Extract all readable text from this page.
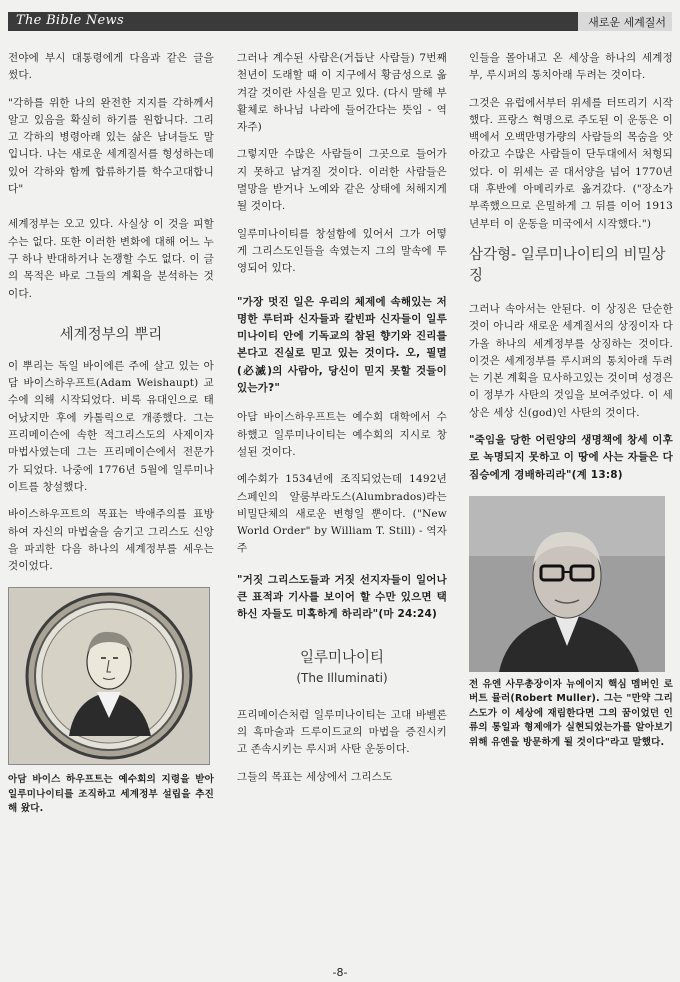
The Bible News	새로운 세계질서

전야에 부시 대통령에게 다음과 같은 글을 썼다.

"각하를 위한 나의 완전한 지지를 각하께서 알고 있음을 확실히 하기를 원합니다. 그리고 각하의 병령아래 있는 삶은 남녀들도 말입니다. 나는 새로운 세계질서를 형성하는데 있어 각하와 함께 합류하기를 학수고대합니다"

세계정부는 오고 있다. 사실상 이 것을 피할 수는 없다. 또한 이러한 변화에 대해 어느 누구 하나 반대하거나 논쟁할 수도 없다. 이 글의 목적은 바로 그들의 계획을 분석하는 것이다.

세계정부의 뿌리

이 뿌리는 독일 바이에른 주에 살고 있는 아담 바이스하우프트(Adam Weishaupt) 교수에 의해 시작되었다. 비록 유대인으로 태어났지만 후에 카톨릭으로 개종했다. 그는 프리메이슨에 속한 적그리스도의 사제이자 마법사였는데 그는 프리메이슨에서 전문가가 되었다. 나중에 1776년 5월에 일루미나이트를 창설했다.

바이스하우프트의 목표는 박애주의를 표방하여 자신의 마법술을 숨기고 그리스도 신앙을 파괴한 다음 하나의 세계정부를 세우는 것이었다.

아담 바이스 하우프트는 예수회의 지령을 받아 일루미나이티를 조직하고 세계정부 설립을 추진해 왔다.

그러나 계수된 사람은(거듭난 사람들) 7번째 천년이 도래할 때 이 지구에서 황금성으로 옮겨갈 것이란 사실을 믿고 있다. (다시 말해 부활체로 하나님 나라에 들어간다는 뜻임 - 역자주)

그렇지만 수많은 사람들이 그곳으로 들어가지 못하고 남겨질 것이다. 이러한 사람들은 멸망을 받거나 노예와 같은 상태에 처해지게 될 것이다.

일루미나이티를 창설함에 있어서 그가 어떻게 그리스도인들을 속였는지 그의 말속에 투영되어 있다.

"가장 멋진 일은 우리의 체제에 속해있는 저명한 루터파 신자들과 칼빈파 신자들이 일루미나이티 안에 기독교의 참된 향기와 진리를 본다고 진실로 믿고 있는 것이다. 오, 필멸(必滅)의 사람아, 당신이 믿지 못할 것들이 있는가?"

아담 바이스하우프트는 예수회 대학에서 수하했고 일루미나이티는 예수회의 지시로 창설된 것이다.

예수회가 1534년에 조직되었는데 1492년 스페인의 알룸부라도스(Alumbrados)라는 비밀단체의 새로운 변형일 뿐이다. ("New World Order" by William T. Still) - 역자주

"거짓 그리스도들과 거짓 선지자들이 일어나 큰 표적과 기사를 보이어 할 수만 있으면 택하신 자들도 미혹하게 하리라"(마 24:24)

일루미나이티
(The Illuminati)

프리메이슨처럼 일루미나이티는 고대 바벨론의 흑마술과 드루이드교의 마법을 증진시키고 존속시키는 루시퍼 사탄 운동이다.

그들의 목표는 세상에서 그리스도

인들을 몰아내고 온 세상을 하나의 세계정부, 루시퍼의 통치아래 두려는 것이다.

그것은 유럽에서부터 위세를 터뜨리기 시작했다. 프랑스 혁명으로 주도된 이 운동은 이백에서 오백만명가량의 사람들의 목숨을 앗아갔고 수많은 사람들이 단두대에서 처형되었다. 이 위세는 곧 대서양을 넘어 1770년대 후반에 아메리카로 옮겨갔다. ("장소가 부족했으므로 은밀하게 그 뒤를 이어 1913년부터 이 운동을 미국에서 시작했다.")

삼각형- 일루미나이티의 비밀상징

그러나 속아서는 안된다. 이 상징은 단순한 것이 아니라 새로운 세계질서의 상징이자 다가올 하나의 세계정부를 상징하는 것이다. 이것은 세계정부를 루시퍼의 통치아래 두려는 기본 계획을 묘사하고있는 것이며 성경은 이 정부가 사탄의 것임을 보여주었다. 이 세상은 세상 신(god)인 사탄의 것이다.

"죽임을 당한 어린양의 생명책에 창세 이후로 녹명되지 못하고 이 땅에 사는 자들은 다 짐승에게 경배하리라"(계 13:8)

전 유엔 사무총장이자 뉴에이지 핵심 멤버인 로버트 뮬러(Robert Muller). 그는 "만약 그리스도가 이 세상에 재림한다면 그의 꿈이었던 인류의 통일과 형제애가 실현되었는가를 알아보기 위해 유엔을 방문하게 될 것이다"라고 말했다.

-8-
